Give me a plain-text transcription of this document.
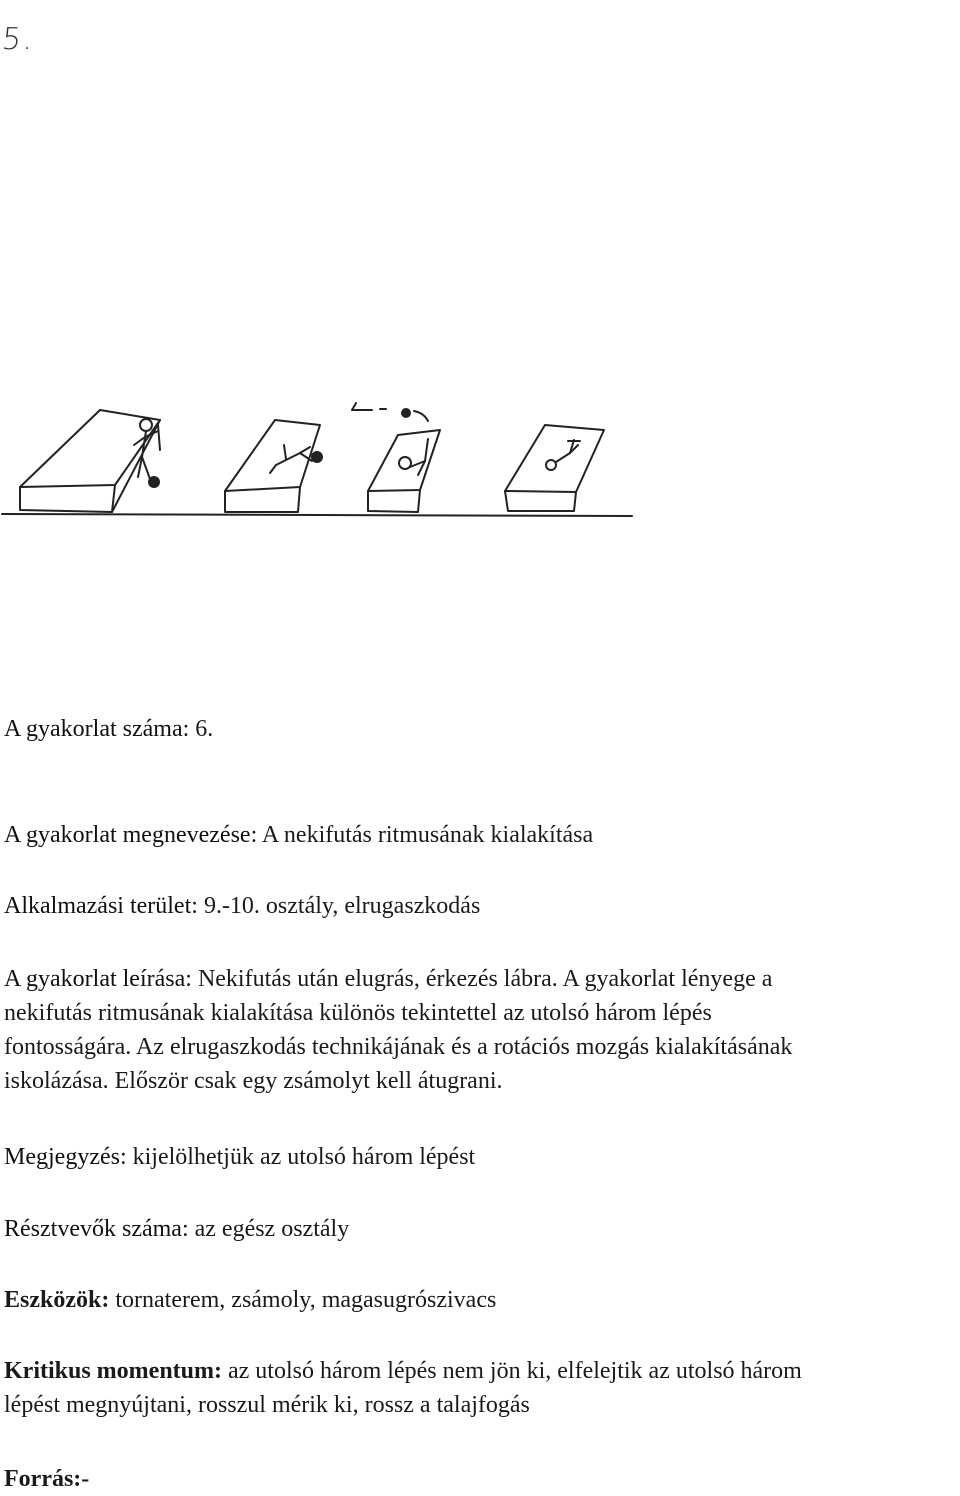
5.
A gyakorlat száma: 6.
A gyakorlat megnevezése: A nekifutás ritmusának kialakítása
Alkalmazási terület: 9.-10. osztály, elrugaszkodás
A gyakorlat leírása: Nekifutás után elugrás, érkezés lábra. A gyakorlat lényege a
nekifutás ritmusának kialakítása különös tekintettel az utolsó három lépés
fontosságára. Az elrugaszkodás technikájának és a rotációs mozgás kialakításának
iskolázása. Először csak egy zsámolyt kell átugrani.
Megjegyzés: kijelölhetjük az utolsó három lépést
Résztvevők száma: az egész osztály
Eszközök: tornaterem, zsámoly, magasugrószivacs
Kritikus momentum: az utolsó három lépés nem jön ki, elfelejtik az utolsó három
lépést megnyújtani, rosszul mérik ki, rossz a talajfogás
Forrás:-
